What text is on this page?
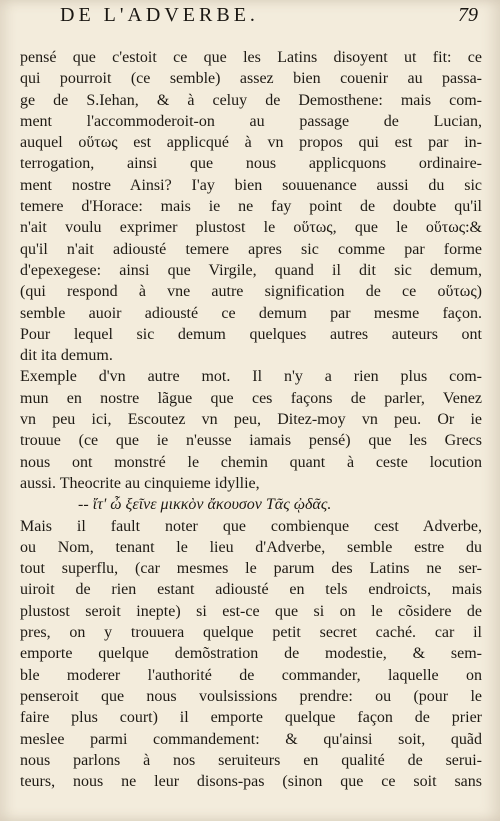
DE L'ADVERBE.	79
pensé que c'estoit ce que les Latins disoyent ut fit: ce
qui pourroit (ce semble) assez bien couenir au passa-
ge de S.Iehan, & à celuy de Demosthene: mais com-
ment l'accommoderoit-on au passage de Lucian,
auquel οὕτως est applicqué à vn propos qui est par in-
terrogation, ainsi que nous applicquons ordinaire-
ment nostre Ainsi? I'ay bien souuenance aussi du sic
temere d'Horace: mais ie ne fay point de doubte qu'il
n'ait voulu exprimer plustost le οὕτως, que le οὕτως:&
qu'il n'ait adiousté temere apres sic comme par forme
d'epexegese: ainsi que Virgile, quand il dit sic demum,
(qui respond à vne autre signification de ce οὕτως)
semble auoir adiousté ce demum par mesme façon.
Pour lequel sic demum quelques autres auteurs ont
dit ita demum.
Exemple d'vn autre mot. Il n'y a rien plus com-
mun en nostre lãgue que ces façons de parler, Venez
vn peu ici, Escoutez vn peu, Ditez-moy vn peu. Or ie
trouue (ce que ie n'eusse iamais pensé) que les Grecs
nous ont monstré le chemin quant à ceste locution
aussi. Theocrite au cinquieme idyllie,
-- ἴτ' ὦ ξεῖνε μικκὸν ἄκουσον Τᾶς ᾠδᾶς.
Mais il fault noter que combienque cest Adverbe,
ou Nom, tenant le lieu d'Adverbe, semble estre du
tout superflu, (car mesmes le parum des Latins ne ser-
uiroit de rien estant adiousté en tels endroicts, mais
plustost seroit inepte) si est-ce que si on le cõsidere de
pres, on y trouuera quelque petit secret caché. car il
emporte quelque demõstration de modestie, & sem-
ble moderer l'authorité de commander, laquelle on
penseroit que nous voulsissions prendre: ou (pour le
faire plus court) il emporte quelque façon de prier
meslee parmi commandement: & qu'ainsi soit, quãd
nous parlons à nos seruiteurs en qualité de serui-
teurs, nous ne leur disons-pas (sinon que ce soit sans
